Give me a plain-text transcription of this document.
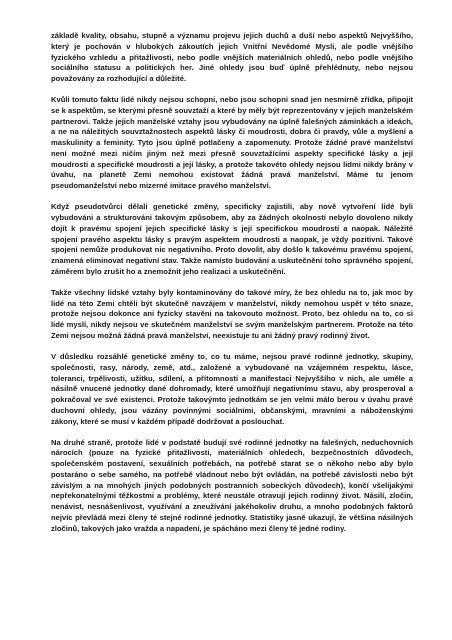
základě kvality, obsahu, stupně a významu projevu jejich duchů a duší nebo aspektů Nejvyššího, který je pochován v hlubokých zákoutích jejich Vnitřní Nevědomé Mysli, ale podle vnějšího fyzického vzhledu a přitažlivosti, nebo podle vnějších materiálních ohledů, nebo podle vnějšího sociálního statusu a politických her. Jiné ohledy jsou buď úplně přehlédnuty, nebo nejsou považovány za rozhodující a důležité.

Kvůli tomuto faktu lidé nikdy nejsou schopni, nebo jsou schopni snad jen nesmírně zřídka, připojit se k aspektům, se kterými přesně souvztaží a které by měly být reprezentovány v jejich manželském partnerovi. Takže jejich manželské vztahy jsou vybudovány na úplně falešných záminkách a ideách, a ne na náležitých souvztažnostech aspektů lásky či moudrosti, dobra či pravdy, vůle a myšlení a maskulinity a feminity. Tyto jsou úplně potlačeny a zapomenuty. Protože žádné pravé manželství není možné mezi ničím jiným než mezi přesně souvztažícími aspekty specifické lásky a její moudrosti a specifické moudrosti a její lásky, a protože takovéto ohledy nejsou lidmi nikdy brány v úvahu, na planetě Zemi nemohou existovat žádná pravá manželství. Máme tu jenom pseudomanželství nebo mizerné imitace pravého manželství.

Když pseudotvůrci dělali genetické změny, specificky zajistili, aby nově vytvoření lidé byli vybudováni a strukturováni takovým způsobem, aby za žádných okolností nebylo dovoleno nikdy dojít k pravému spojení jejich specifické lásky s její specifickou moudrostí a naopak. Náležité spojení pravého aspektu lásky s pravým aspektem moudrosti a naopak, je vždy pozitivní. Takové spojení nemůže produkovat nic negativního. Proto dovolit, aby došlo k takovému pravému spojení, znamená eliminovat negativní stav. Takže namísto budování a uskutečnění toho správného spojení, záměrem bylo zrušit ho a znemožnit jeho realizaci a uskutečnění.

Takže všechny lidské vztahy byly kontaminovány do takové míry, že bez ohledu na to, jak moc by lidé na této Zemi chtěli být skutečně navzájem v manželství, nikdy nemohou uspět v této snaze, protože nejsou dokonce ani fyzicky stavěni na takovouto možnost. Proto, bez ohledu na to, co si lidé myslí, nikdy nejsou ve skutečném manželství se svým manželským partnerem. Protože na této Zemi nejsou možná žádná pravá manželství, neexistuje tu ani žádný pravý rodinný život.

V důsledku rozsáhlé genetické změny to, co tu máme, nejsou pravé rodinné jednotky, skupiny, společnosti, rasy, národy, země, atd., založené a vybudované na vzájemném respektu, lásce, toleranci, trpělivosti, užitku, sdílení, a přítomnosti a manifestaci Nejvyššího v nich, ale uměle a násilně vnucené jednotky dané dohromady, které umožňují negativnímu stavu, aby prosperoval a pokračoval ve své existenci. Protože takovýmto jednotkám se jen velmi málo berou v úvahu pravé duchovní ohledy, jsou vázány povinnými sociálními, občanskými, mravními a náboženskými zákony, které se musí v každém případě dodržovat a poslouchat.

Na druhé straně, protože lidé v podstatě budují své rodinné jednotky na falešných, neduchovních nárocích (pouze na fyzické přitažlivosti, materiálních ohledech, bezpečnostních důvodech, společenském postavení, sexuálních potřebách, na potřebě starat se o někoho nebo aby bylo postaráno o sebe samého, na potřebě vládnout nebo být ovládán, na potřebě závislosti nebo být závislým a na mnohých jiných podobných postranních sobeckých důvodech), končí všelijakými nepřekonatelnými těžkostmi a problémy, které neustále otravují jejich rodinný život. Násilí, zločin, nenávist, nesnášenlivost, využívání a zneužívání jakéhokoliv druhu, a mnoho podobných faktorů nejvíc převládá mezi členy té stejné rodinné jednotky. Statistiky jasně ukazují, že většina násilných zločinů, takových jako vražda a napadení, je spácháno mezi členy té jedné rodiny.
